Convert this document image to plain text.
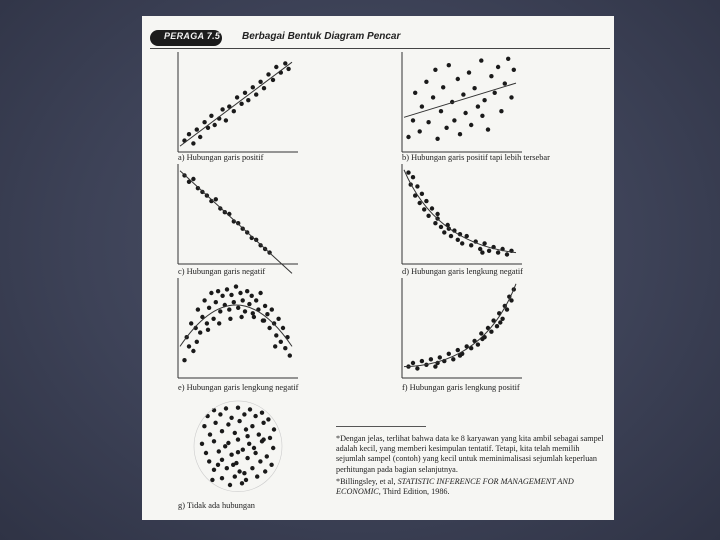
PERAGA 7.5 Berbagai Bentuk Diagram Pencar
a) Hubungan garis positif	b) Hubungan garis positif tapi lebih tersebar
c) Hubungan garis negatif	d) Hubungan garis lengkung negatif
e) Hubungan garis lengkung negatif	f) Hubungan garis lengkung positif
g) Tidak ada hubungan

*Dengan jelas, terlihat bahwa data ke 8 karyawan yang kita ambil sebagai sampel adalah kecil, yang memberi kesimpulan tentatif. Tetapi, kita telah memilih sejumlah sampel (contoh) yang kecil untuk meminimalisasi sejumlah keperluan perhitungan pada bagian selanjutnya.

*Billingsley, et al, STATISTIC INFERENCE FOR MANAGEMENT AND ECONOMIC, Third Edition, 1986.
